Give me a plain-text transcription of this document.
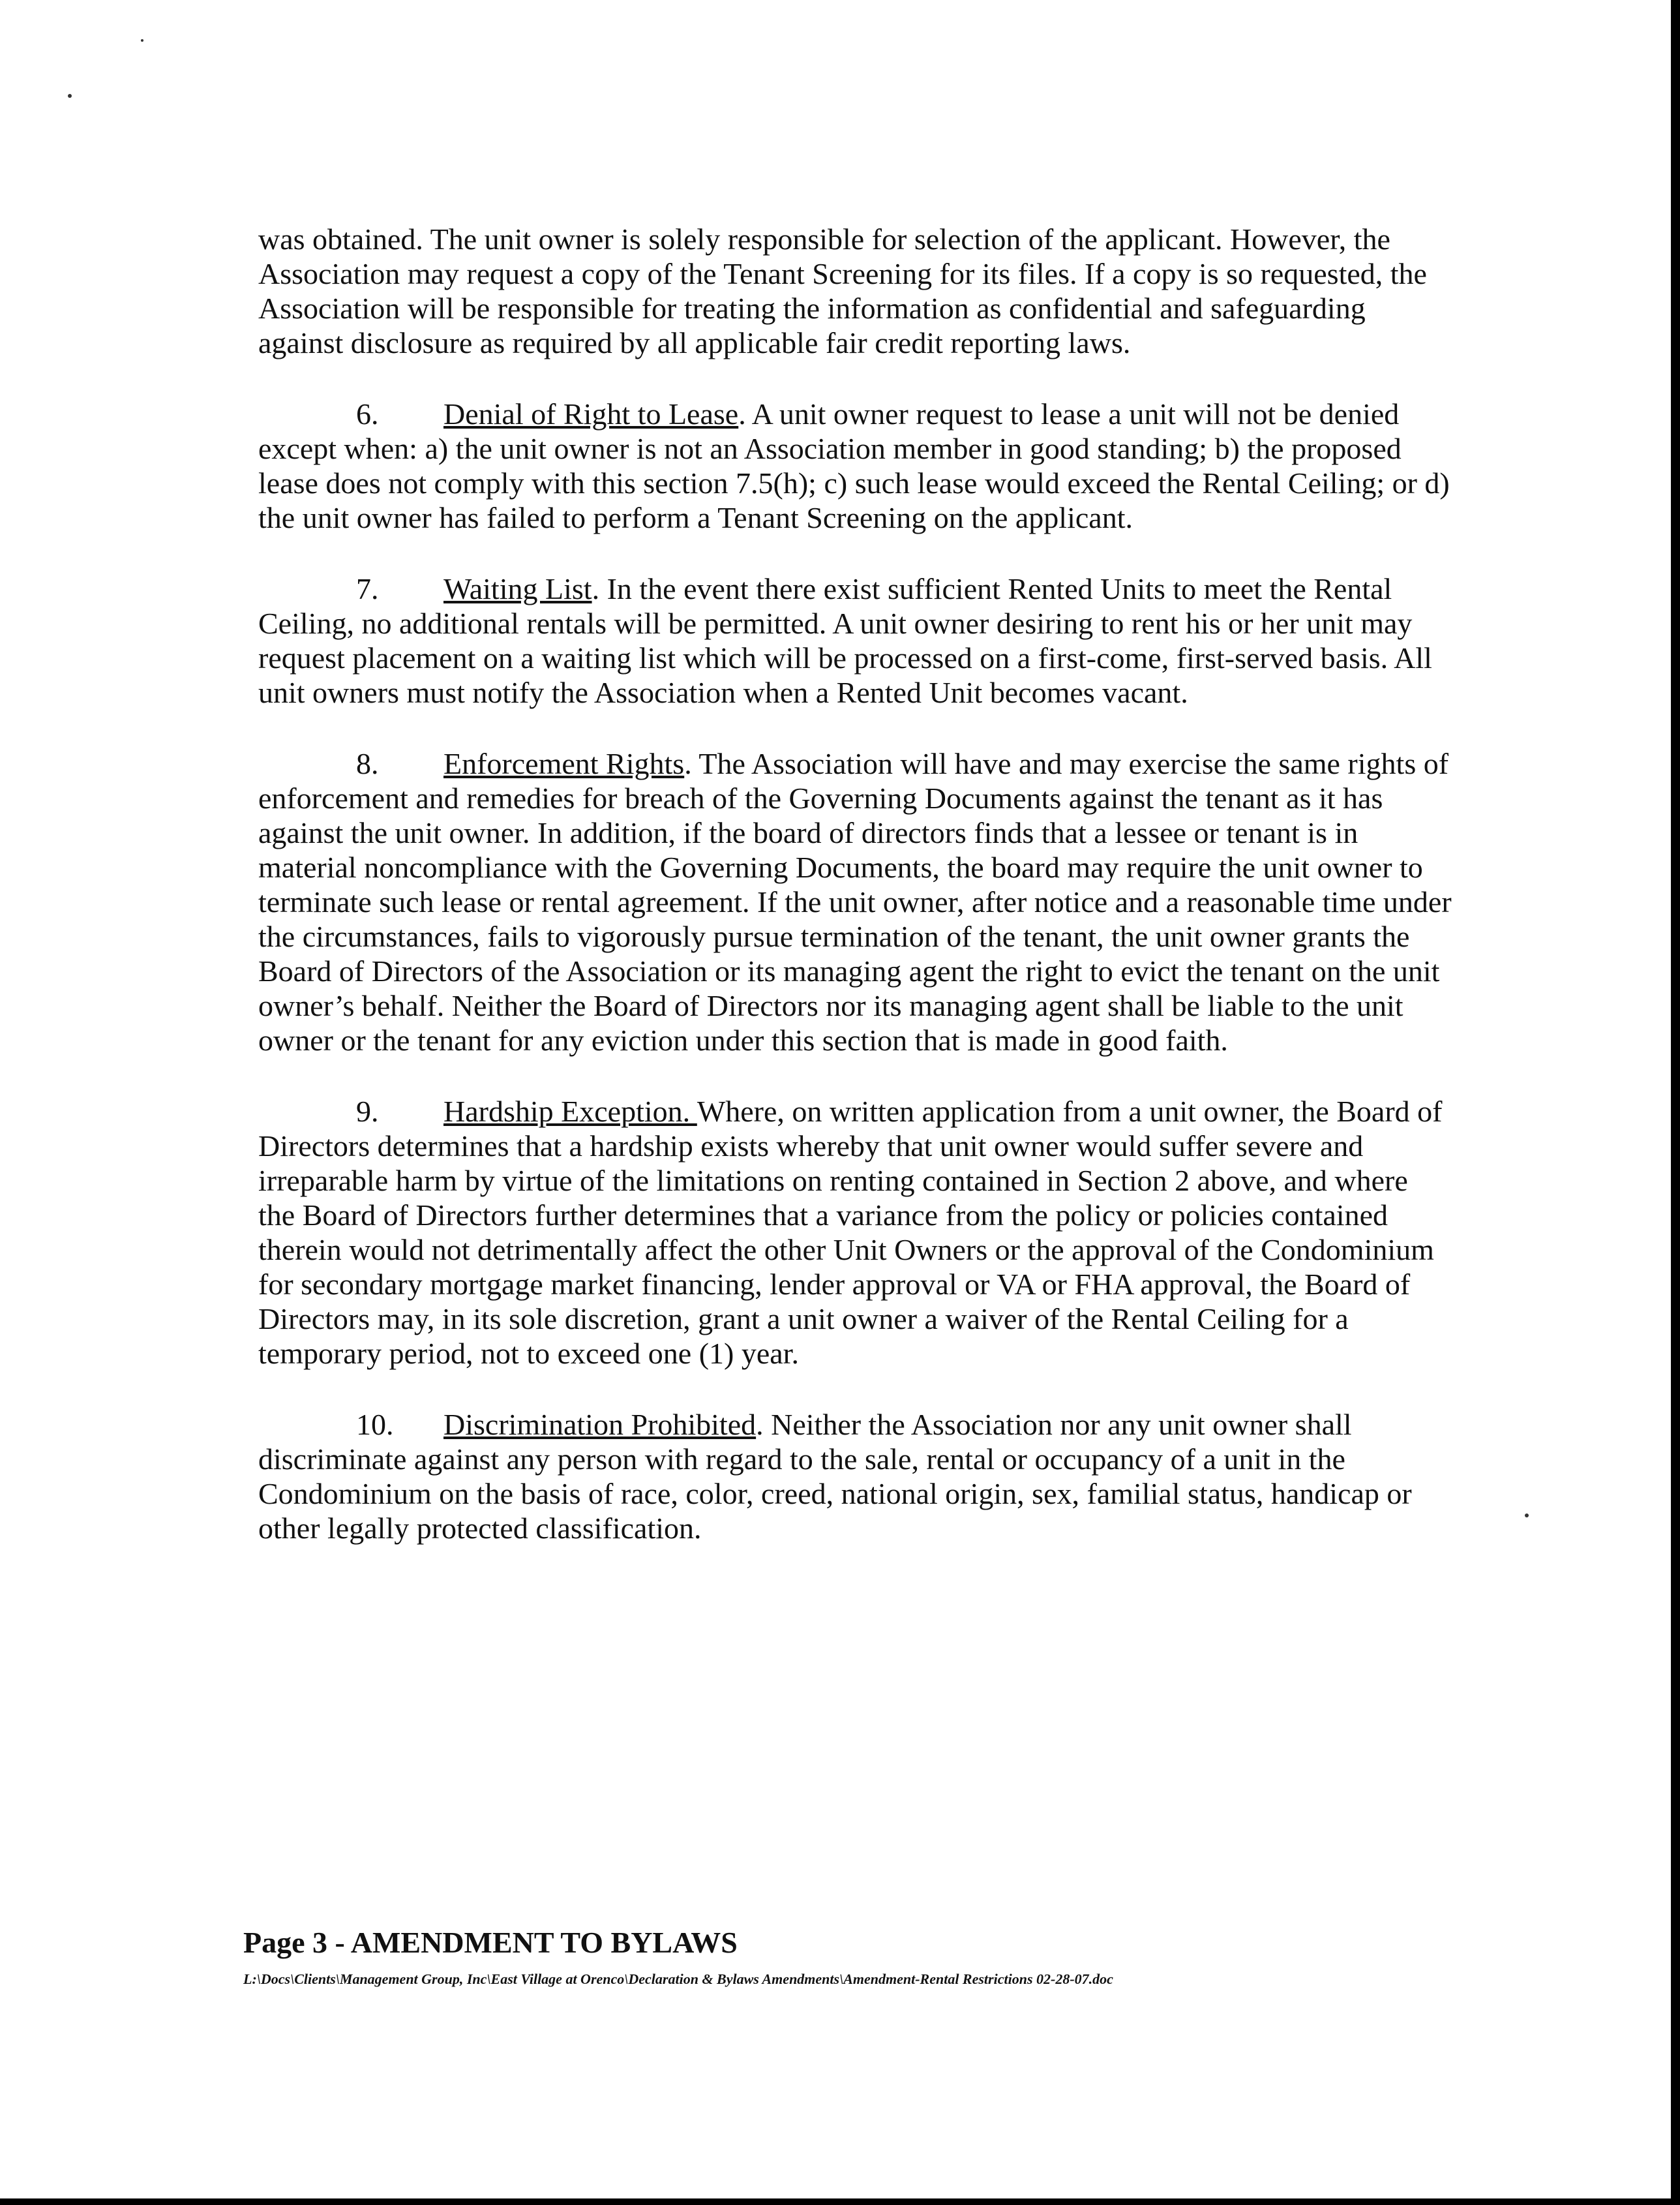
was obtained. The unit owner is solely responsible for selection of the applicant. However, the Association may request a copy of the Tenant Screening for its files. If a copy is so requested, the Association will be responsible for treating the information as confidential and safeguarding against disclosure as required by all applicable fair credit reporting laws.

6. Denial of Right to Lease. A unit owner request to lease a unit will not be denied except when: a) the unit owner is not an Association member in good standing; b) the proposed lease does not comply with this section 7.5(h); c) such lease would exceed the Rental Ceiling; or d) the unit owner has failed to perform a Tenant Screening on the applicant.

7. Waiting List. In the event there exist sufficient Rented Units to meet the Rental Ceiling, no additional rentals will be permitted. A unit owner desiring to rent his or her unit may request placement on a waiting list which will be processed on a first-come, first-served basis. All unit owners must notify the Association when a Rented Unit becomes vacant.

8. Enforcement Rights. The Association will have and may exercise the same rights of enforcement and remedies for breach of the Governing Documents against the tenant as it has against the unit owner. In addition, if the board of directors finds that a lessee or tenant is in material noncompliance with the Governing Documents, the board may require the unit owner to terminate such lease or rental agreement. If the unit owner, after notice and a reasonable time under the circumstances, fails to vigorously pursue termination of the tenant, the unit owner grants the Board of Directors of the Association or its managing agent the right to evict the tenant on the unit owner’s behalf. Neither the Board of Directors nor its managing agent shall be liable to the unit owner or the tenant for any eviction under this section that is made in good faith.

9. Hardship Exception. Where, on written application from a unit owner, the Board of Directors determines that a hardship exists whereby that unit owner would suffer severe and irreparable harm by virtue of the limitations on renting contained in Section 2 above, and where the Board of Directors further determines that a variance from the policy or policies contained therein would not detrimentally affect the other Unit Owners or the approval of the Condominium for secondary mortgage market financing, lender approval or VA or FHA approval, the Board of Directors may, in its sole discretion, grant a unit owner a waiver of the Rental Ceiling for a temporary period, not to exceed one (1) year.

10. Discrimination Prohibited. Neither the Association nor any unit owner shall discriminate against any person with regard to the sale, rental or occupancy of a unit in the Condominium on the basis of race, color, creed, national origin, sex, familial status, handicap or other legally protected classification.

Page 3 - AMENDMENT TO BYLAWS

L:\Docs\Clients\Management Group, Inc\East Village at Orenco\Declaration & Bylaws Amendments\Amendment-Rental Restrictions 02-28-07.doc
